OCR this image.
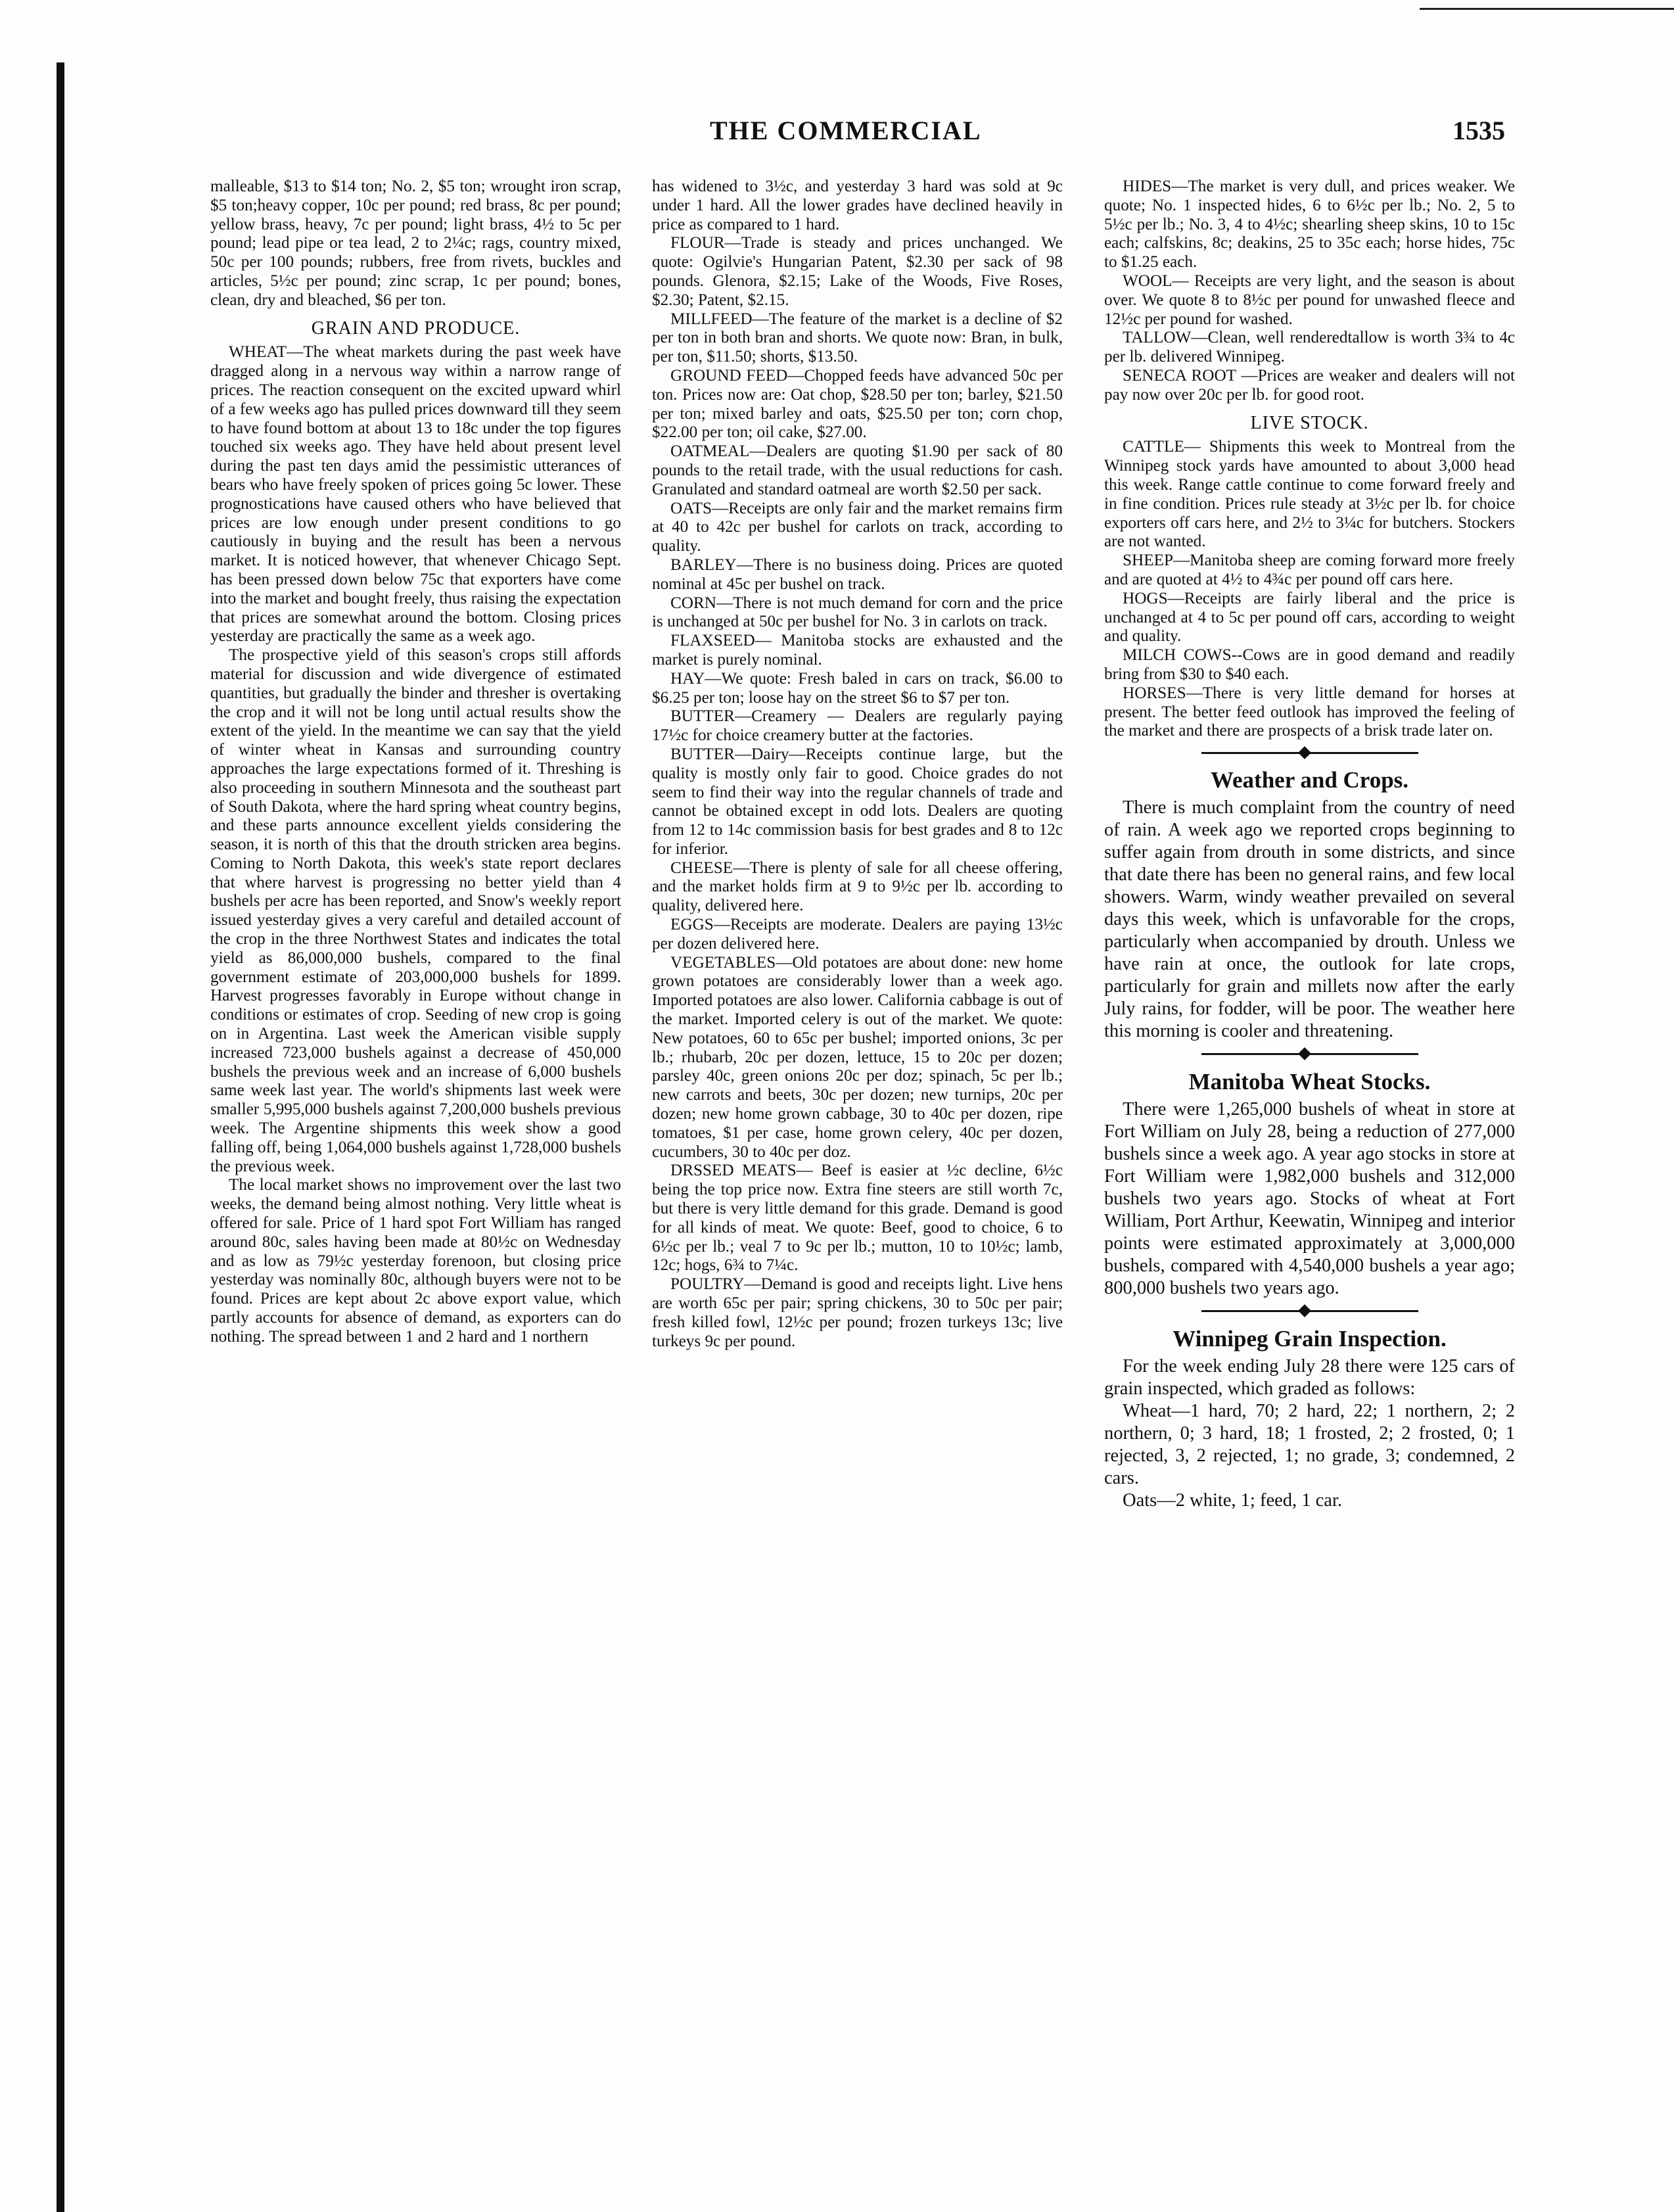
THE COMMERCIAL	1535

malleable, $13 to $14 ton; No. 2, $5 ton; wrought iron scrap, $5 ton;heavy copper, 10c per pound; red brass, 8c per pound; yellow brass, heavy, 7c per pound; light brass, 4½ to 5c per pound; lead pipe or tea lead, 2 to 2¼c; rags, country mixed, 50c per 100 pounds; rubbers, free from rivets, buckles and articles, 5½c per pound; zinc scrap, 1c per pound; bones, clean, dry and bleached, $6 per ton.

GRAIN AND PRODUCE.

WHEAT—The wheat markets during the past week have dragged along in a nervous way within a narrow range of prices. The reaction consequent on the excited upward whirl of a few weeks ago has pulled prices downward till they seem to have found bottom at about 13 to 18c under the top figures touched six weeks ago. They have held about present level during the past ten days amid the pessimistic utterances of bears who have freely spoken of prices going 5c lower. These prognostications have caused others who have believed that prices are low enough under present conditions to go cautiously in buying and the result has been a nervous market. It is noticed however, that whenever Chicago Sept. has been pressed down below 75c that exporters have come into the market and bought freely, thus raising the expectation that prices are somewhat around the bottom. Closing prices yesterday are practically the same as a week ago.

The prospective yield of this season's crops still affords material for discussion and wide divergence of estimated quantities, but gradually the binder and thresher is overtaking the crop and it will not be long until actual results show the extent of the yield. In the meantime we can say that the yield of winter wheat in Kansas and surrounding country approaches the large expectations formed of it. Threshing is also proceeding in southern Minnesota and the southeast part of South Dakota, where the hard spring wheat country begins, and these parts announce excellent yields considering the season, it is north of this that the drouth stricken area begins. Coming to North Dakota, this week's state report declares that where harvest is progressing no better yield than 4 bushels per acre has been reported, and Snow's weekly report issued yesterday gives a very careful and detailed account of the crop in the three Northwest States and indicates the total yield as 86,000,000 bushels, compared to the final government estimate of 203,000,000 bushels for 1899. Harvest progresses favorably in Europe without change in conditions or estimates of crop. Seeding of new crop is going on in Argentina. Last week the American visible supply increased 723,000 bushels against a decrease of 450,000 bushels the previous week and an increase of 6,000 bushels same week last year. The world's shipments last week were smaller 5,995,000 bushels against 7,200,000 bushels previous week. The Argentine shipments this week show a good falling off, being 1,064,000 bushels against 1,728,000 bushels the previous week.

The local market shows no improvement over the last two weeks, the demand being almost nothing. Very little wheat is offered for sale. Price of 1 hard spot Fort William has ranged around 80c, sales having been made at 80½c on Wednesday and as low as 79½c yesterday forenoon, but closing price yesterday was nominally 80c, although buyers were not to be found. Prices are kept about 2c above export value, which partly accounts for absence of demand, as exporters can do nothing. The spread between 1 and 2 hard and 1 northern

has widened to 3½c, and yesterday 3 hard was sold at 9c under 1 hard. All the lower grades have declined heavily in price as compared to 1 hard.

FLOUR—Trade is steady and prices unchanged. We quote: Ogilvie's Hungarian Patent, $2.30 per sack of 98 pounds. Glenora, $2.15; Lake of the Woods, Five Roses, $2.30; Patent, $2.15.

MILLFEED—The feature of the market is a decline of $2 per ton in both bran and shorts. We quote now: Bran, in bulk, per ton, $11.50; shorts, $13.50.

GROUND FEED—Chopped feeds have advanced 50c per ton. Prices now are: Oat chop, $28.50 per ton; barley, $21.50 per ton; mixed barley and oats, $25.50 per ton; corn chop, $22.00 per ton; oil cake, $27.00.

OATMEAL—Dealers are quoting $1.90 per sack of 80 pounds to the retail trade, with the usual reductions for cash. Granulated and standard oatmeal are worth $2.50 per sack.

OATS—Receipts are only fair and the market remains firm at 40 to 42c per bushel for carlots on track, according to quality.

BARLEY—There is no business doing. Prices are quoted nominal at 45c per bushel on track.

CORN—There is not much demand for corn and the price is unchanged at 50c per bushel for No. 3 in carlots on track.

FLAXSEED— Manitoba stocks are exhausted and the market is purely nominal.

HAY—We quote: Fresh baled in cars on track, $6.00 to $6.25 per ton; loose hay on the street $6 to $7 per ton.

BUTTER—Creamery — Dealers are regularly paying 17½c for choice creamery butter at the factories.

BUTTER—Dairy—Receipts continue large, but the quality is mostly only fair to good. Choice grades do not seem to find their way into the regular channels of trade and cannot be obtained except in odd lots. Dealers are quoting from 12 to 14c commission basis for best grades and 8 to 12c for inferior.

CHEESE—There is plenty of sale for all cheese offering, and the market holds firm at 9 to 9½c per lb. according to quality, delivered here.

EGGS—Receipts are moderate. Dealers are paying 13½c per dozen delivered here.

VEGETABLES—Old potatoes are about done: new home grown potatoes are considerably lower than a week ago. Imported potatoes are also lower. California cabbage is out of the market. Imported celery is out of the market. We quote: New potatoes, 60 to 65c per bushel; imported onions, 3c per lb.; rhubarb, 20c per dozen, lettuce, 15 to 20c per dozen; parsley 40c, green onions 20c per doz; spinach, 5c per lb.; new carrots and beets, 30c per dozen; new turnips, 20c per dozen; new home grown cabbage, 30 to 40c per dozen, ripe tomatoes, $1 per case, home grown celery, 40c per dozen, cucumbers, 30 to 40c per doz.

DRSSED MEATS— Beef is easier at ½c decline, 6½c being the top price now. Extra fine steers are still worth 7c, but there is very little demand for this grade. Demand is good for all kinds of meat. We quote: Beef, good to choice, 6 to 6½c per lb.; veal 7 to 9c per lb.; mutton, 10 to 10½c; lamb, 12c; hogs, 6¾ to 7¼c.

POULTRY—Demand is good and receipts light. Live hens are worth 65c per pair; spring chickens, 30 to 50c per pair; fresh killed fowl, 12½c per pound; frozen turkeys 13c; live turkeys 9c per pound.

HIDES—The market is very dull, and prices weaker. We quote; No. 1 inspected hides, 6 to 6½c per lb.; No. 2, 5 to 5½c per lb.; No. 3, 4 to 4½c; shearling sheep skins, 10 to 15c each; calfskins, 8c; deakins, 25 to 35c each; horse hides, 75c to $1.25 each.

WOOL— Receipts are very light, and the season is about over. We quote 8 to 8½c per pound for unwashed fleece and 12½c per pound for washed.

TALLOW—Clean, well renderedtallow is worth 3¾ to 4c per lb. delivered Winnipeg.

SENECA ROOT —Prices are weaker and dealers will not pay now over 20c per lb. for good root.

LIVE STOCK.

CATTLE— Shipments this week to Montreal from the Winnipeg stock yards have amounted to about 3,000 head this week. Range cattle continue to come forward freely and in fine condition. Prices rule steady at 3½c per lb. for choice exporters off cars here, and 2½ to 3¼c for butchers. Stockers are not wanted.

SHEEP—Manitoba sheep are coming forward more freely and are quoted at 4½ to 4¾c per pound off cars here.

HOGS—Receipts are fairly liberal and the price is unchanged at 4 to 5c per pound off cars, according to weight and quality.

MILCH COWS--Cows are in good demand and readily bring from $30 to $40 each.

HORSES—There is very little demand for horses at present. The better feed outlook has improved the feeling of the market and there are prospects of a brisk trade later on.

Weather and Crops.

There is much complaint from the country of need of rain. A week ago we reported crops beginning to suffer again from drouth in some districts, and since that date there has been no general rains, and few local showers. Warm, windy weather prevailed on several days this week, which is unfavorable for the crops, particularly when accompanied by drouth. Unless we have rain at once, the outlook for late crops, particularly for grain and millets now after the early July rains, for fodder, will be poor. The weather here this morning is cooler and threatening.

Manitoba Wheat Stocks.

There were 1,265,000 bushels of wheat in store at Fort William on July 28, being a reduction of 277,000 bushels since a week ago. A year ago stocks in store at Fort William were 1,982,000 bushels and 312,000 bushels two years ago. Stocks of wheat at Fort William, Port Arthur, Keewatin, Winnipeg and interior points were estimated approximately at 3,000,000 bushels, compared with 4,540,000 bushels a year ago; 800,000 bushels two years ago.

Winnipeg Grain Inspection.

For the week ending July 28 there were 125 cars of grain inspected, which graded as follows:

Wheat—1 hard, 70; 2 hard, 22; 1 northern, 2; 2 northern, 0; 3 hard, 18; 1 frosted, 2; 2 frosted, 0; 1 rejected, 3, 2 rejected, 1; no grade, 3; condemned, 2 cars.

Oats—2 white, 1; feed, 1 car.
